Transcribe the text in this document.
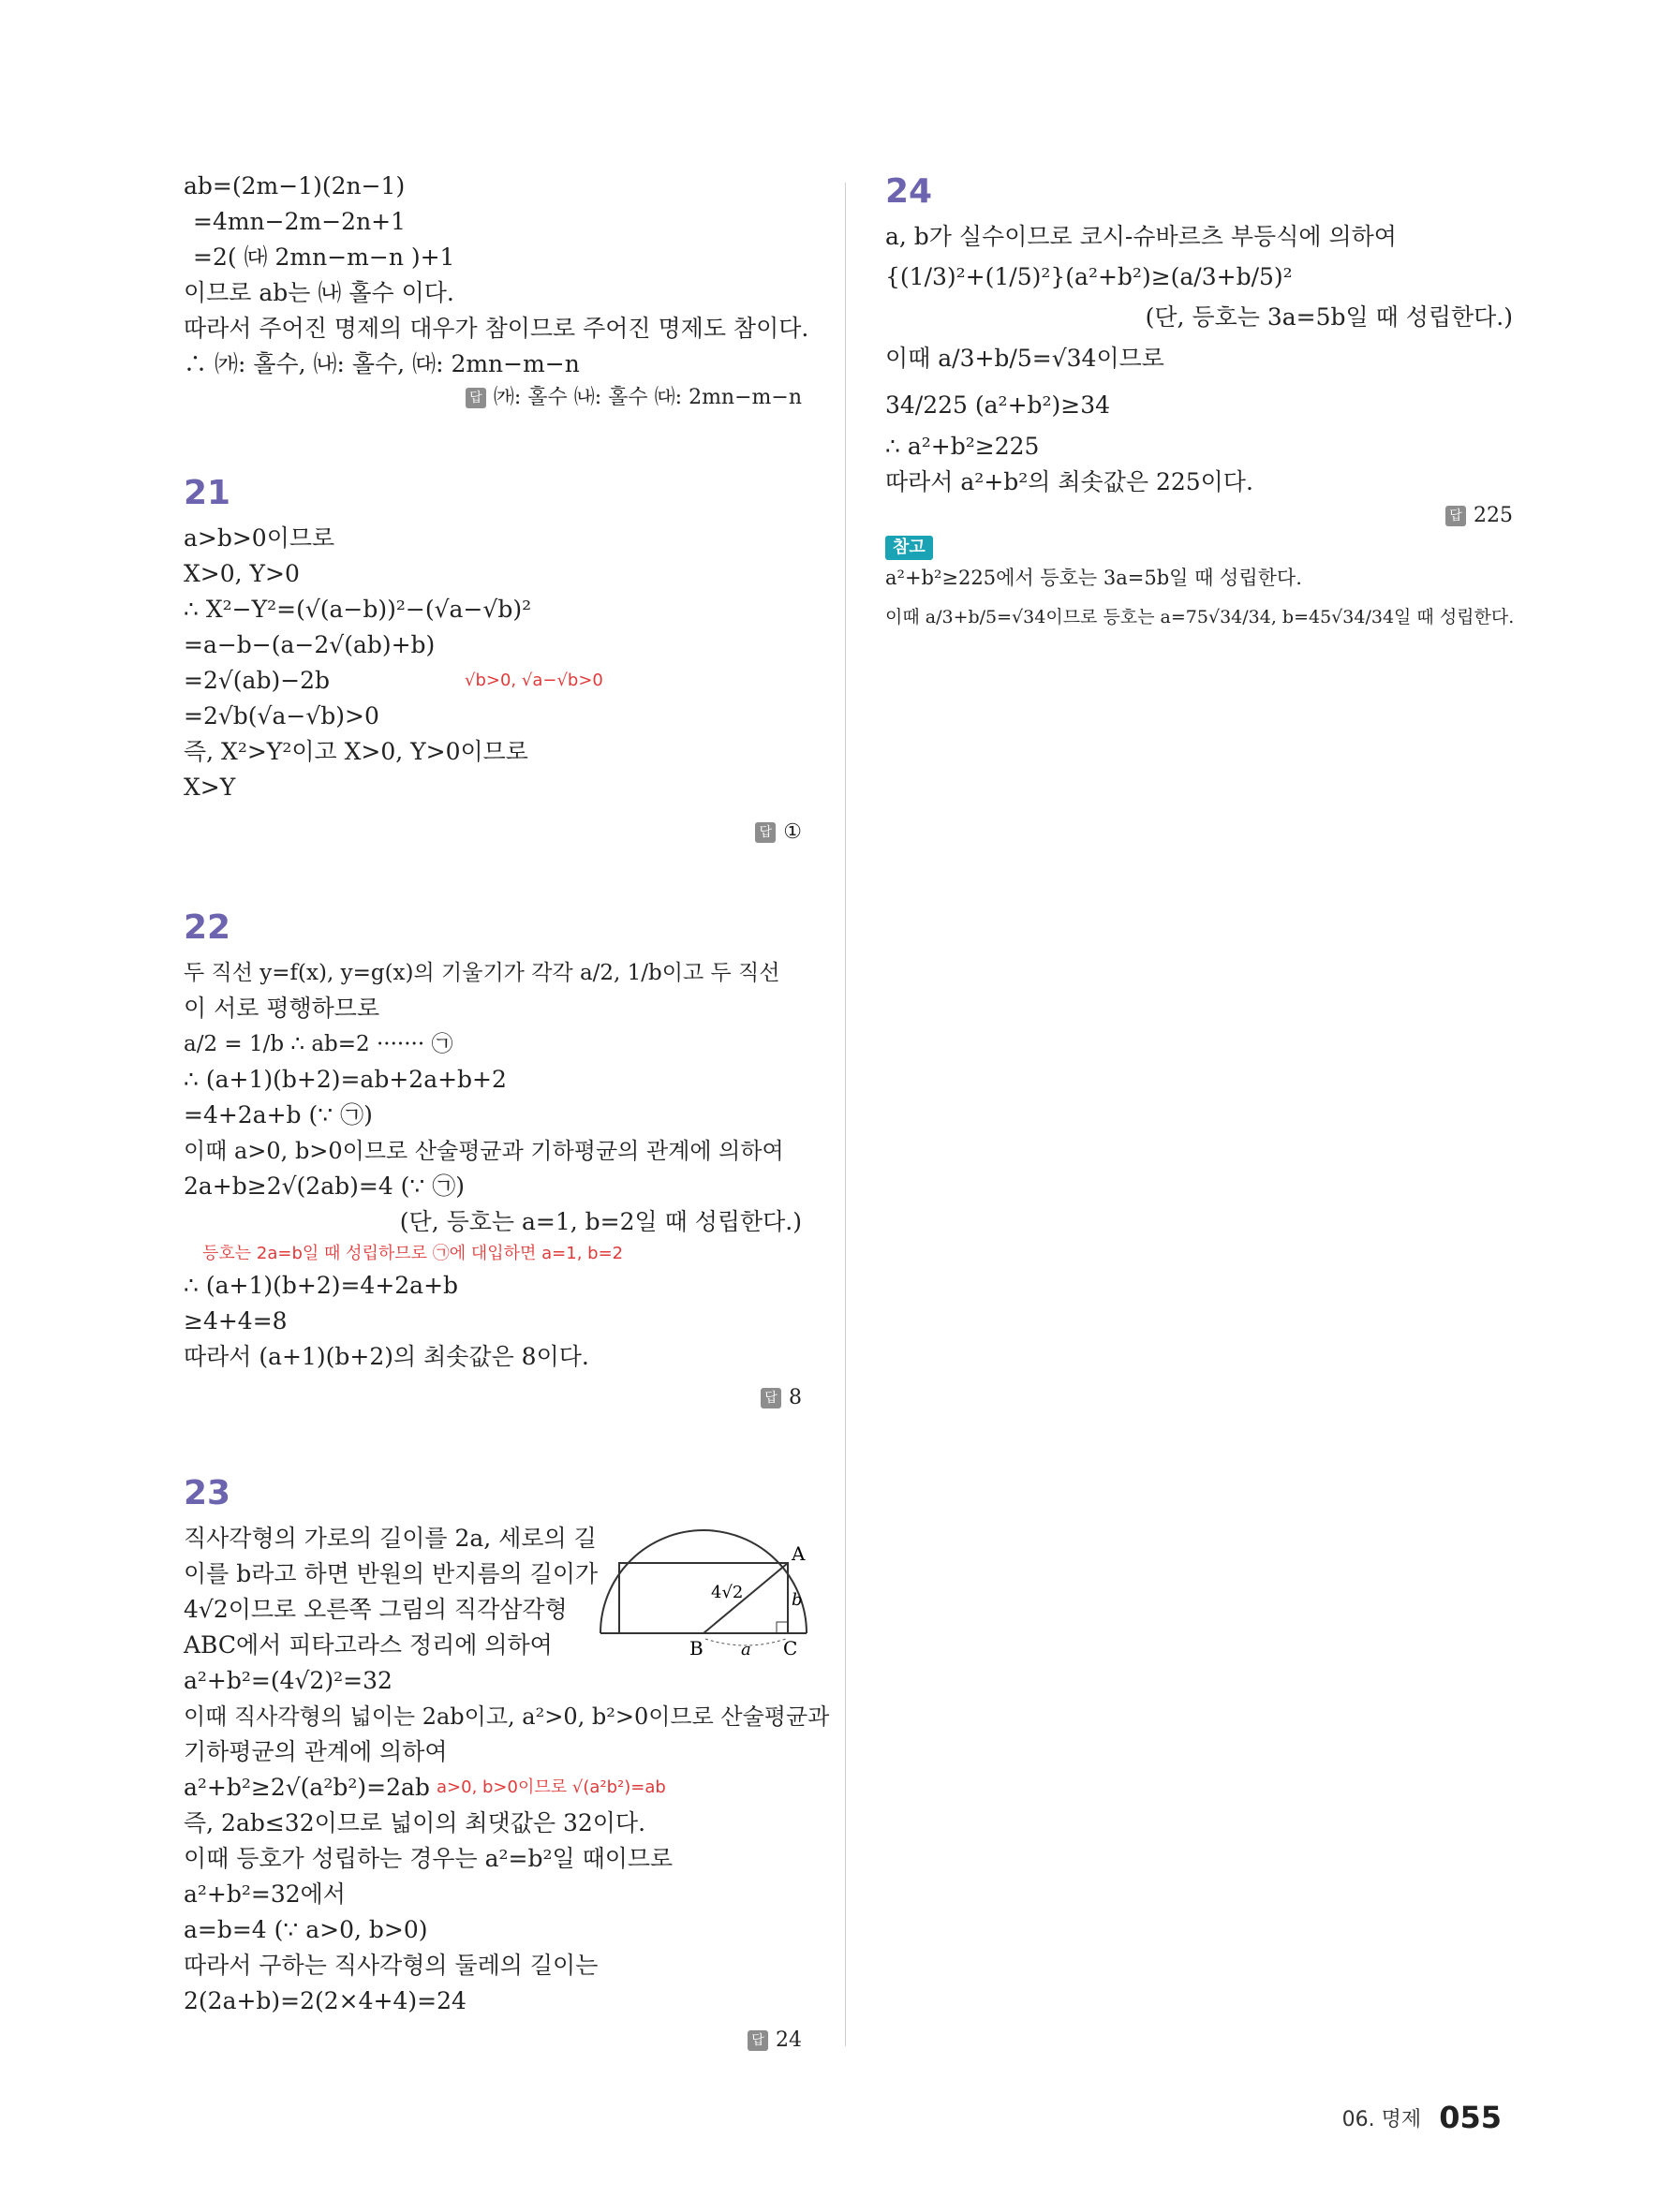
ab=(2m−1)(2n−1)
=4mn−2m−2n+1
=2( ㈐ 2mn−m−n )+1
이므로 ab는 ㈏ 홀수 이다.
따라서 주어진 명제의 대우가 참이므로 주어진 명제도 참이다.
∴ ㈎: 홀수, ㈏: 홀수, ㈐: 2mn−m−n
답 ㈎: 홀수 ㈏: 홀수 ㈐: 2mn−m−n
21
a>b>0이므로
X>0, Y>0
∴ X²−Y²=(√(a−b))²−(√a−√b)²
=a−b−(a−2√(ab)+b)
=2√(ab)−2b	√b>0, √a−√b>0
=2√b(√a−√b)>0
즉, X²>Y²이고 X>0, Y>0이므로
X>Y
답 ①
22
두 직선 y=f(x), y=g(x)의 기울기가 각각 a/2, 1/b이고 두 직선
이 서로 평행하므로
a/2 = 1/b ∴ ab=2 ······· ㉠
∴ (a+1)(b+2)=ab+2a+b+2
=4+2a+b (∵ ㉠)
이때 a>0, b>0이므로 산술평균과 기하평균의 관계에 의하여
2a+b≥2√(2ab)=4 (∵ ㉠)
(단, 등호는 a=1, b=2일 때 성립한다.)
등호는 2a=b일 때 성립하므로 ㉠에 대입하면 a=1, b=2
∴ (a+1)(b+2)=4+2a+b
≥4+4=8
따라서 (a+1)(b+2)의 최솟값은 8이다.
답 8
23
A
B	C
4√2
a
b
직사각형의 가로의 길이를 2a, 세로의 길
이를 b라고 하면 반원의 반지름의 길이가
4√2이므로 오른쪽 그림의 직각삼각형
ABC에서 피타고라스 정리에 의하여
a²+b²=(4√2)²=32
이때 직사각형의 넓이는 2ab이고, a²>0, b²>0이므로 산술평균과
기하평균의 관계에 의하여
a²+b²≥2√(a²b²)=2ab a>0, b>0이므로 √(a²b²)=ab
즉, 2ab≤32이므로 넓이의 최댓값은 32이다.
이때 등호가 성립하는 경우는 a²=b²일 때이므로
a²+b²=32에서
a=b=4 (∵ a>0, b>0)
따라서 구하는 직사각형의 둘레의 길이는
2(2a+b)=2(2×4+4)=24
답 24
24
a, b가 실수이므로 코시-슈바르츠 부등식에 의하여
{(1/3)²+(1/5)²}(a²+b²)≥(a/3+b/5)²
(단, 등호는 3a=5b일 때 성립한다.)
이때 a/3+b/5=√34이므로
34/225 (a²+b²)≥34
∴ a²+b²≥225
따라서 a²+b²의 최솟값은 225이다.
답 225
참고
a²+b²≥225에서 등호는 3a=5b일 때 성립한다.
이때 a/3+b/5=√34이므로 등호는 a=75√34/34, b=45√34/34일 때 성립한다.
06. 명제 055
